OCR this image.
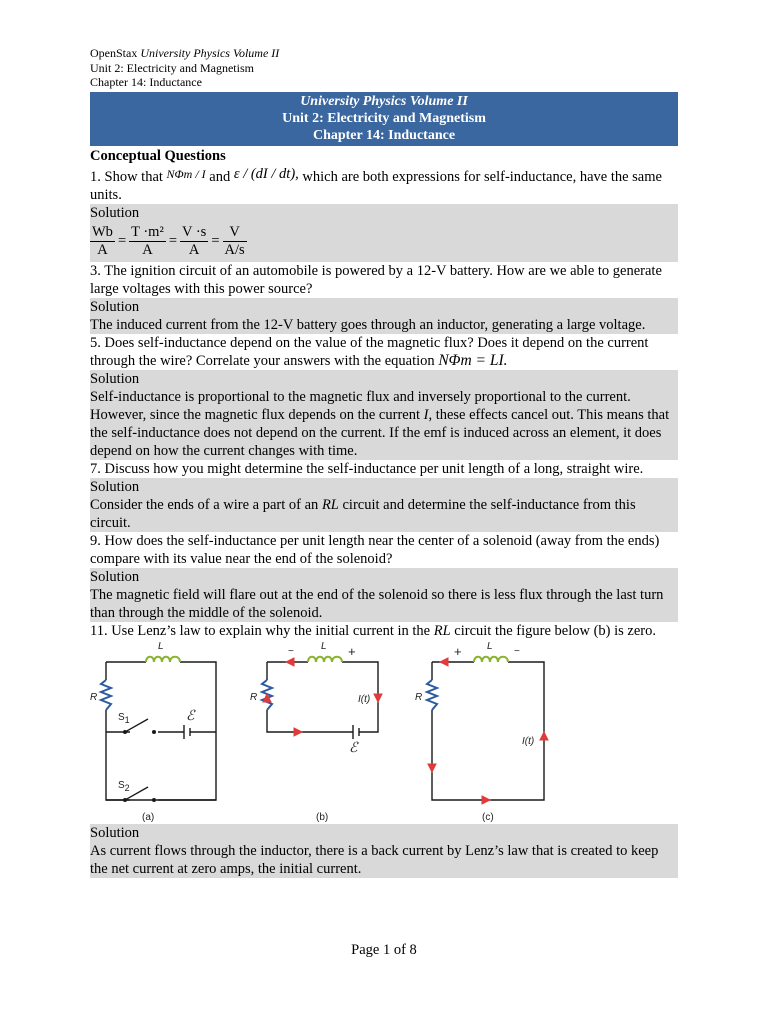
OpenStax University Physics Volume II
Unit 2: Electricity and Magnetism
Chapter 14: Inductance
University Physics Volume II
Unit 2: Electricity and Magnetism
Chapter 14: Inductance
Conceptual Questions
1. Show that $^{N\Phi m / I}$ and ε / (dI / dt), which are both expressions for self-inductance, have the same units.
Solution
$\frac{Wb}{A} = \frac{\text{T ·m²}}{A} = \frac{V \cdot s}{A} = \frac{V}{A/s}$
3. The ignition circuit of an automobile is powered by a 12-V battery. How are we able to generate large voltages with this power source?
Solution
The induced current from the 12-V battery goes through an inductor, generating a large voltage.
5. Does self-inductance depend on the value of the magnetic flux? Does it depend on the current through the wire? Correlate your answers with the equation NΦm = LI.
Solution
Self-inductance is proportional to the magnetic flux and inversely proportional to the current. However, since the magnetic flux depends on the current I, these effects cancel out. This means that the self-inductance does not depend on the current. If the emf is induced across an element, it does depend on how the current changes with time.
7. Discuss how you might determine the self-inductance per unit length of a long, straight wire.
Solution
Consider the ends of a wire a part of an RL circuit and determine the self-inductance from this circuit.
9. How does the self-inductance per unit length near the center of a solenoid (away from the ends) compare with its value near the end of the solenoid?
Solution
The magnetic field will flare out at the end of the solenoid so there is less flux through the last turn than through the middle of the solenoid.
11. Use Lenz’s law to explain why the initial current in the RL circuit the figure below (b) is zero.
L	L	L
R	R	R
S1
S2
ℰ
ℰ
−	+	+	−
I(t)
I(t)
(a)	(b)	(c)
Solution
As current flows through the inductor, there is a back current by Lenz’s law that is created to keep the net current at zero amps, the initial current.
Page 1 of 8
